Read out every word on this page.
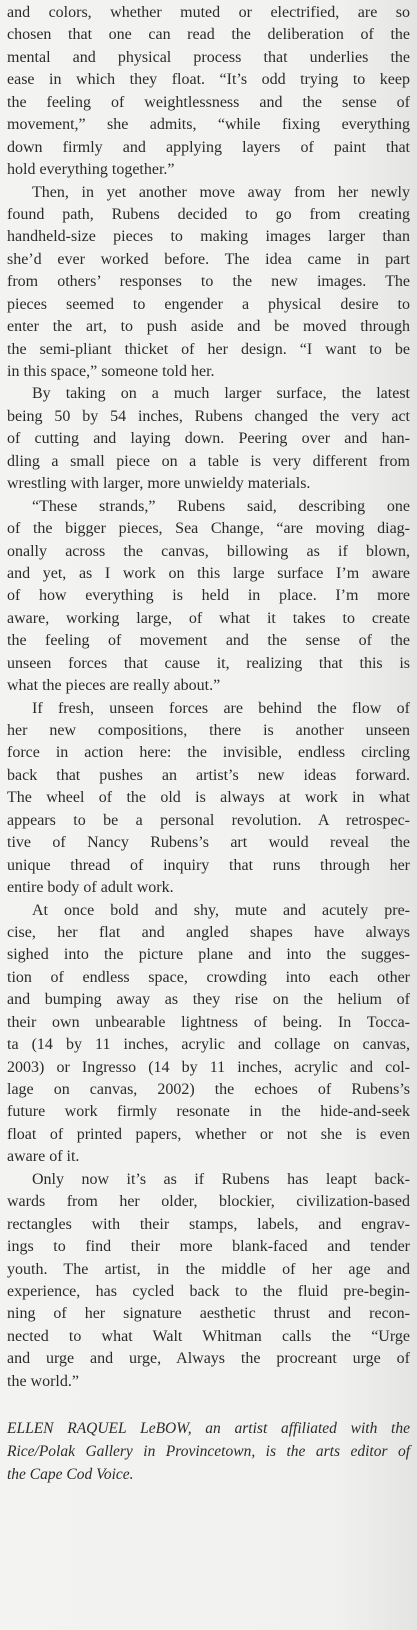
and colors, whether muted or electrified, are so
chosen that one can read the deliberation of the
mental and physical process that underlies the
ease in which they float. “It’s odd trying to keep
the feeling of weightlessness and the sense of
movement,” she admits, “while fixing everything
down firmly and applying layers of paint that
hold everything together.”
Then, in yet another move away from her newly
found path, Rubens decided to go from creating
handheld-size pieces to making images larger than
she’d ever worked before. The idea came in part
from others’ responses to the new images. The
pieces seemed to engender a physical desire to
enter the art, to push aside and be moved through
the semi-pliant thicket of her design. “I want to be
in this space,” someone told her.
By taking on a much larger surface, the latest
being 50 by 54 inches, Rubens changed the very act
of cutting and laying down. Peering over and han-
dling a small piece on a table is very different from
wrestling with larger, more unwieldy materials.
“These strands,” Rubens said, describing one
of the bigger pieces, Sea Change, “are moving diag-
onally across the canvas, billowing as if blown,
and yet, as I work on this large surface I’m aware
of how everything is held in place. I’m more
aware, working large, of what it takes to create
the feeling of movement and the sense of the
unseen forces that cause it, realizing that this is
what the pieces are really about.”
If fresh, unseen forces are behind the flow of
her new compositions, there is another unseen
force in action here: the invisible, endless circling
back that pushes an artist’s new ideas forward.
The wheel of the old is always at work in what
appears to be a personal revolution. A retrospec-
tive of Nancy Rubens’s art would reveal the
unique thread of inquiry that runs through her
entire body of adult work.
At once bold and shy, mute and acutely pre-
cise, her flat and angled shapes have always
sighed into the picture plane and into the sugges-
tion of endless space, crowding into each other
and bumping away as they rise on the helium of
their own unbearable lightness of being. In Tocca-
ta (14 by 11 inches, acrylic and collage on canvas,
2003) or Ingresso (14 by 11 inches, acrylic and col-
lage on canvas, 2002) the echoes of Rubens’s
future work firmly resonate in the hide-and-seek
float of printed papers, whether or not she is even
aware of it.
Only now it’s as if Rubens has leapt back-
wards from her older, blockier, civilization-based
rectangles with their stamps, labels, and engrav-
ings to find their more blank-faced and tender
youth. The artist, in the middle of her age and
experience, has cycled back to the fluid pre-begin-
ning of her signature aesthetic thrust and recon-
nected to what Walt Whitman calls the “Urge
and urge and urge, Always the procreant urge of
the world.”
ELLEN RAQUEL LeBOW, an artist affiliated with the
Rice/Polak Gallery in Provincetown, is the arts editor of
the Cape Cod Voice.
